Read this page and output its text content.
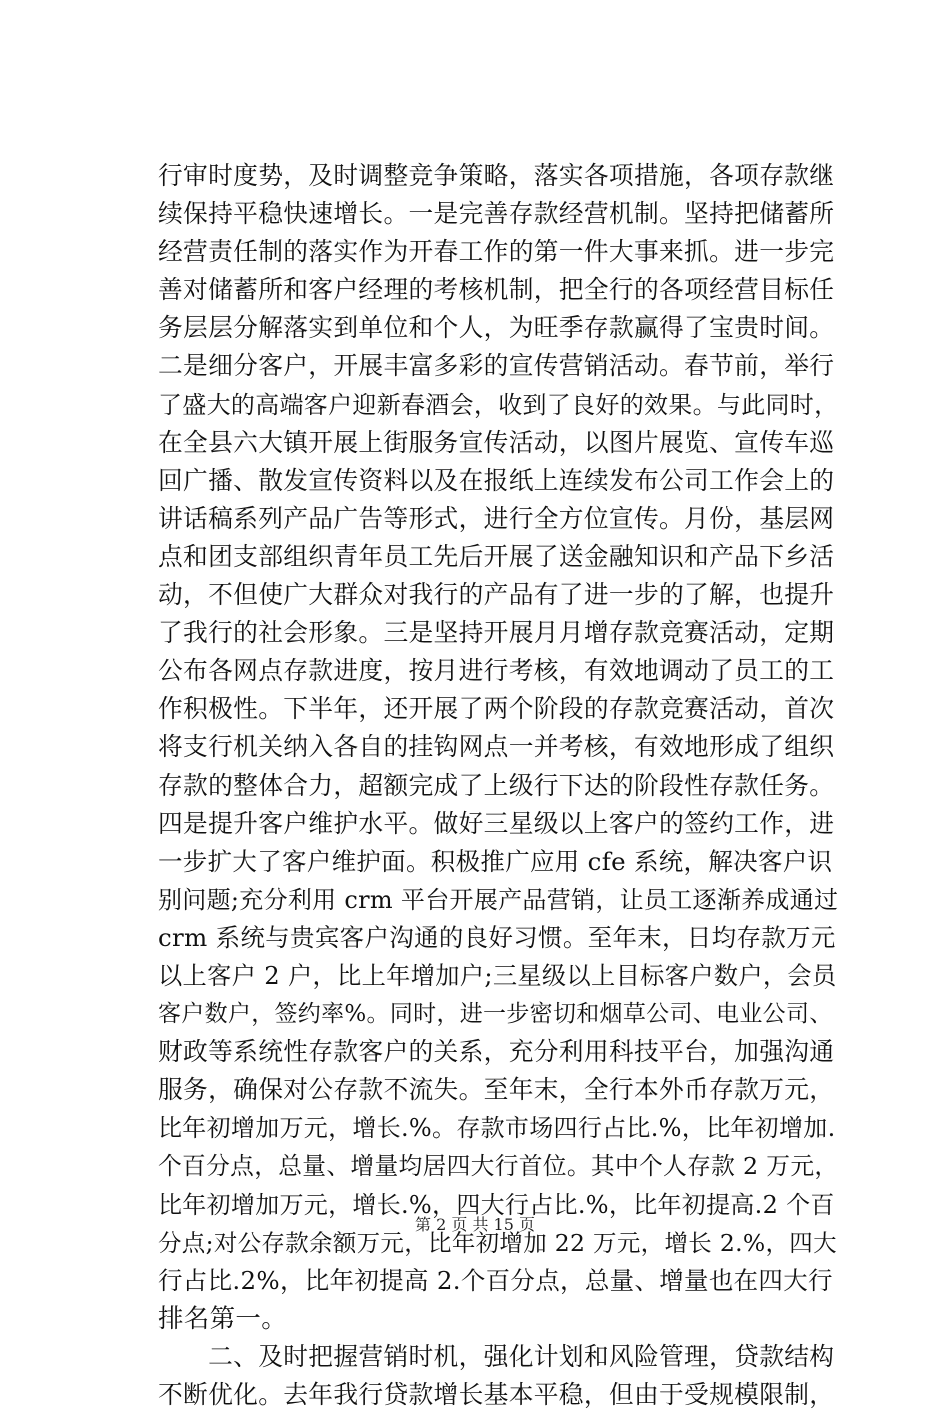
行审时度势，及时调整竞争策略，落实各项措施，各项存款继
续保持平稳快速增长。一是完善存款经营机制。坚持把储蓄所
经营责任制的落实作为开春工作的第一件大事来抓。进一步完
善对储蓄所和客户经理的考核机制，把全行的各项经营目标任
务层层分解落实到单位和个人，为旺季存款赢得了宝贵时间。
二是细分客户，开展丰富多彩的宣传营销活动。春节前，举行
了盛大的高端客户迎新春酒会，收到了良好的效果。与此同时，
在全县六大镇开展上街服务宣传活动，以图片展览、宣传车巡
回广播、散发宣传资料以及在报纸上连续发布公司工作会上的
讲话稿系列产品广告等形式，进行全方位宣传。月份，基层网
点和团支部组织青年员工先后开展了送金融知识和产品下乡活
动，不但使广大群众对我行的产品有了进一步的了解，也提升
了我行的社会形象。三是坚持开展月月增存款竞赛活动，定期
公布各网点存款进度，按月进行考核，有效地调动了员工的工
作积极性。下半年，还开展了两个阶段的存款竞赛活动，首次
将支行机关纳入各自的挂钩网点一并考核，有效地形成了组织
存款的整体合力，超额完成了上级行下达的阶段性存款任务。
四是提升客户维护水平。做好三星级以上客户的签约工作，进
一步扩大了客户维护面。积极推广应用 cfe 系统，解决客户识
别问题;充分利用 crm 平台开展产品营销，让员工逐渐养成通过
crm 系统与贵宾客户沟通的良好习惯。至年末，日均存款万元
以上客户 2 户，比上年增加户;三星级以上目标客户数户，会员
客户数户，签约率%。同时，进一步密切和烟草公司、电业公司、
财政等系统性存款客户的关系，充分利用科技平台，加强沟通
服务，确保对公存款不流失。至年末，全行本外币存款万元，
比年初增加万元，增长.%。存款市场四行占比.%，比年初增加.
个百分点，总量、增量均居四大行首位。其中个人存款 2 万元，
比年初增加万元，增长.%，四大行占比.%，比年初提高.2 个百
分点;对公存款余额万元，比年初增加 22 万元，增长 2.%，四大
行占比.2%，比年初提高 2.个百分点，总量、增量也在四大行
排名第一。
　　二、及时把握营销时机，强化计划和风险管理，贷款结构
不断优化。去年我行贷款增长基本平稳，但由于受规模限制，
第 2 页 共 15 页
